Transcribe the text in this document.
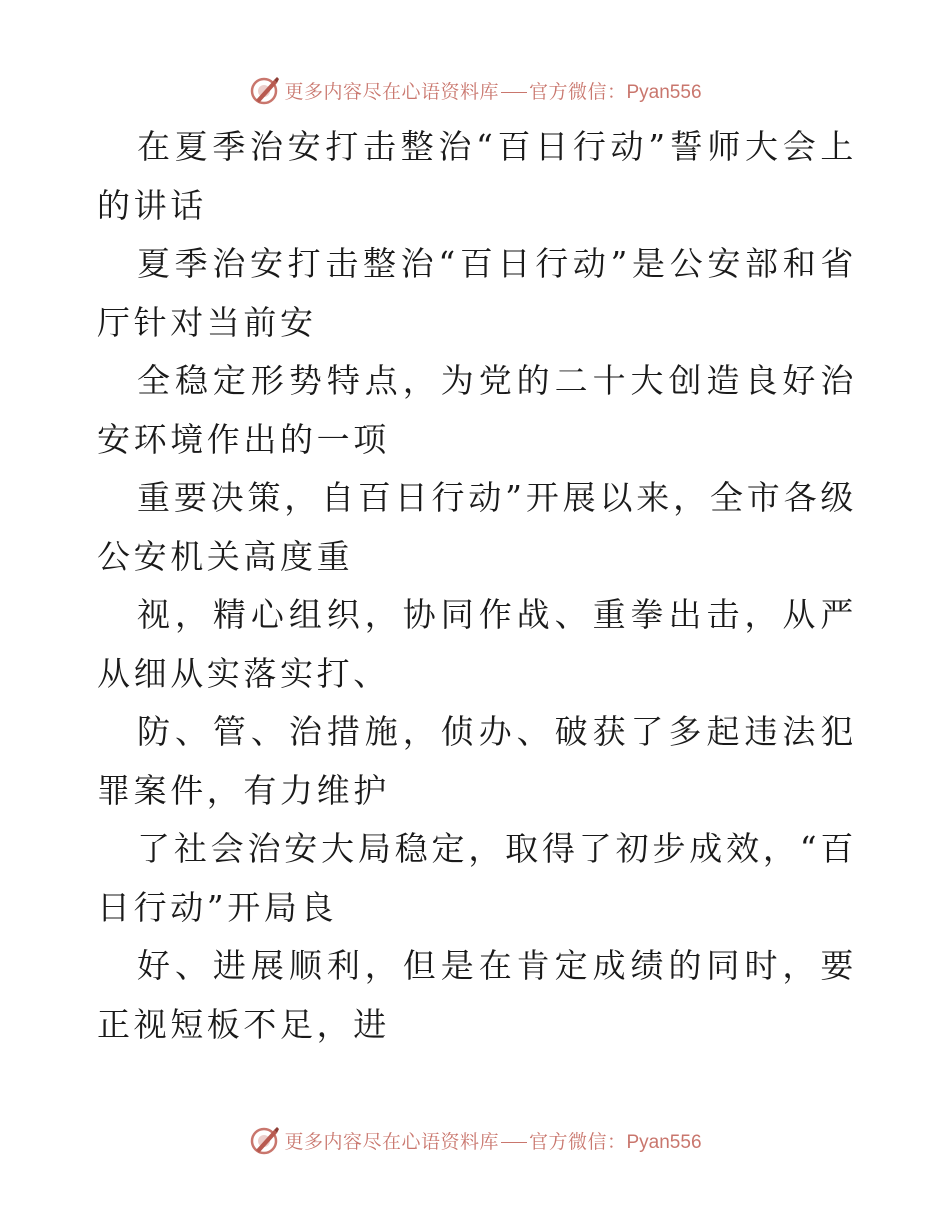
更多内容尽在心语资料库 官方微信：Pyan556

在夏季治安打击整治“百日行动”誓师大会上的讲话

夏季治安打击整治“百日行动”是公安部和省厅针对当前安

全稳定形势特点，为党的二十大创造良好治安环境作出的一项

重要决策，自百日行动”开展以来，全市各级公安机关高度重

视，精心组织，协同作战、重拳出击，从严从细从实落实打、

防、管、治措施，侦办、破获了多起违法犯罪案件，有力维护

了社会治安大局稳定，取得了初步成效，“百日行动”开局良

好、进展顺利，但是在肯定成绩的同时，要正视短板不足，进

更多内容尽在心语资料库 官方微信：Pyan556
